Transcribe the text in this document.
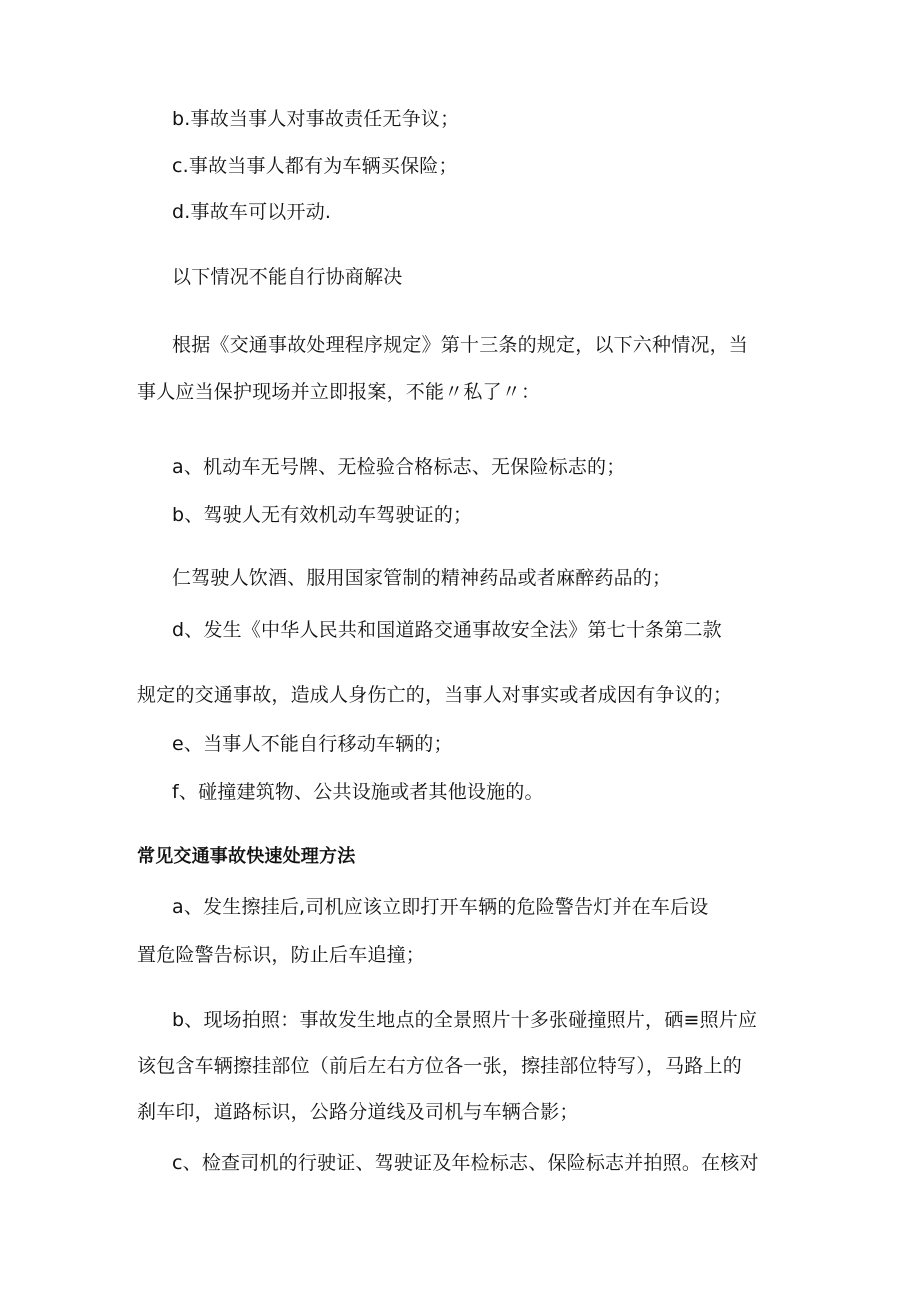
b.事故当事人对事故责任无争议；

c.事故当事人都有为车辆买保险；

d.事故车可以开动.

以下情况不能自行协商解决

根据《交通事故处理程序规定》第十三条的规定，以下六种情况，当

事人应当保护现场并立即报案，不能〃私了〃：

a、机动车无号牌、无检验合格标志、无保险标志的；

b、驾驶人无有效机动车驾驶证的；

仁驾驶人饮酒、服用国家管制的精神药品或者麻醉药品的；

d、发生《中华人民共和国道路交通事故安全法》第七十条第二款

规定的交通事故，造成人身伤亡的，当事人对事实或者成因有争议的；

e、当事人不能自行移动车辆的；

f、碰撞建筑物、公共设施或者其他设施的。

常见交通事故快速处理方法

a、发生擦挂后,司机应该立即打开车辆的危险警告灯并在车后设

置危险警告标识，防止后车追撞；

b、现场拍照：事故发生地点的全景照片十多张碰撞照片，硒≡照片应

该包含车辆擦挂部位（前后左右方位各一张，擦挂部位特写），马路上的

刹车印，道路标识，公路分道线及司机与车辆合影；

c、检查司机的行驶证、驾驶证及年检标志、保险标志并拍照。在核对
